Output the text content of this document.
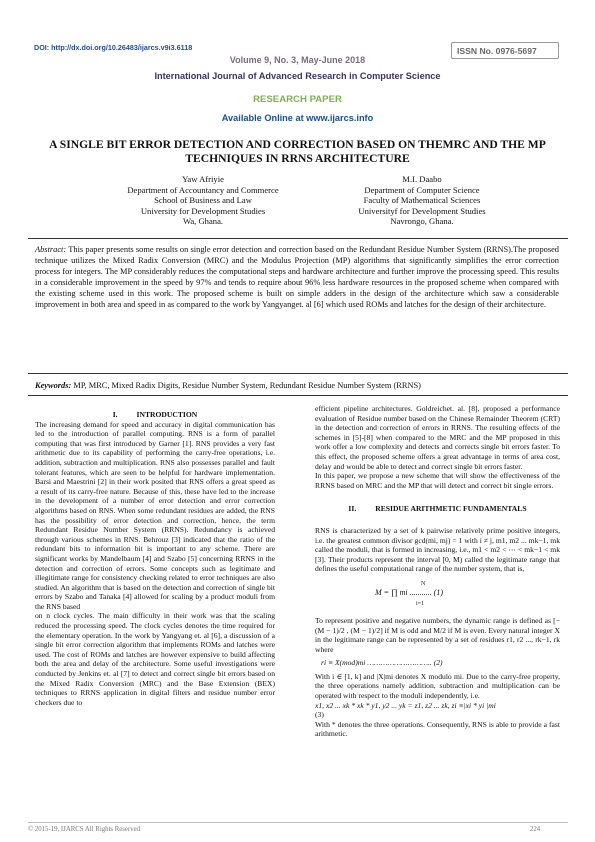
DOI: http://dx.doi.org/10.26483/ijarcs.v9i3.6118	ISSN No. 0976-5697
Volume 9, No. 3, May-June 2018
International Journal of Advanced Research in Computer Science
RESEARCH PAPER
Available Online at www.ijarcs.info
A SINGLE BIT ERROR DETECTION AND CORRECTION BASED ON THEMRC AND THE MP TECHNIQUES IN RRNS ARCHITECTURE
Yaw Afriyie
Department of Accountancy and Commerce
School of Business and Law
University for Development Studies
Wa, Ghana.
M.I. Daabo
Department of Computer Science
Faculty of Mathematical Sciences
Universityf for Development Studies
Navrongo, Ghana.
Abstract: This paper presents some results on single error detection and correction based on the Redundant Residue Number System (RRNS).The proposed technique utilizes the Mixed Radix Conversion (MRC) and the Modulus Projection (MP) algorithms that significantly simplifies the error correction process for integers. The MP considerably reduces the computational steps and hardware architecture and further improve the processing speed. This results in a considerable improvement in the speed by 97% and tends to require about 96% less hardware resources in the proposed scheme when compared with the existing scheme used in this work. The proposed scheme is built on simple adders in the design of the architecture which saw a considerable improvement in both area and speed in as compared to the work by Yangyanget. al [6] which used ROMs and latches for the design of their architecture.
Keywords: MP, MRC, Mixed Radix Digits, Residue Number System, Redundant Residue Number System (RRNS)

I.          INTRODUCTION

The increasing demand for speed and accuracy in digital communication has led to the introduction of parallel computing. RNS is a form of parallel computing that was first introduced by Garner [1]. RNS provides a very fast arithmetic due to its capability of performing the carry-free operations, i.e. addition, subtraction and multiplication. RNS also possesses parallel and fault tolerant features, which are seen to be helpful for hardware implementation. Barsi and Maestrini [2] in their work posited that RNS offers a great speed as a result of its carry-free nature. Because of this, these have led to the increase in the development of a number of error detection and error correction algorithms based on RNS. When some redundant residues are added, the RNS has the possibility of error detection and correction, hence, the term Redundant Residue Number System (RRNS). Redundancy is achieved through various schemes in RNS. Behrouz [3] indicated that the ratio of the redundant bits to information bit is important to any scheme. There are significant works by Mandelbaum [4] and Szabo [5] concerning RRNS in the detection and correction of errors. Some concepts such as legitimate and illegitimate range for consistency checking related to error techniques are also studied. An algorithm that is based on the detection and correction of single bit errors by Szabo and Tanaka [4] allowed for scaling by a product moduli from the RNS based

on n clock cycles. The main difficulty in their work was that the scaling reduced the processing speed. The clock cycles denotes the time required for the elementary operation. In the work by Yangyang et. al [6], a discussion of a single bit error correction algorithm that implements ROMs and latches were used. The cost of ROMs and latches are however expensive to build affecting both the area and delay of the architecture. Some useful investigations were conducted by Jenkins et. al [7] to detect and correct single bit errors based on the Mixed Radix Conversion (MRC) and the Base Extension (BEX) techniques to RRNS application in digital filters and residue number error checkers due to

efficient pipeline architectures. Goldreichet. al. [8], proposed a performance evaluation of Residue number based on the Chinese Remainder Theorem (CRT) in the detection and correction of errors in RRNS. The resulting effects of the schemes in [5]-[8] when compared to the MRC and the MP proposed in this work offer a low complexity and detects and corrects single bit errors faster. To this effect, the proposed scheme offers a great advantage in terms of area cost, delay and would be able to detect and correct single bit errors faster.

In this paper, we propose a new scheme that will show the effectiveness of the RRNS based on MRC and the MP that will detect and correct bit single errors.

II.          RESIDUE ARITHMETIC FUNDAMENTALS

RNS is characterized by a set of k pairwise relatively prime positive integers, i.e. the greatest common divisor gcd(mi, mj) = 1 with i ≠ j, m1, m2 ... mk−1, mk called the moduli, that is formed in increasing, i.e., m1 < m2 < ⋯ < mk−1 < mk [3]. Their products represent the interval [0, M) called the legitimate range that defines the useful computational range of the number system, that is,

N
M = ∏ mi ........... (1)
i=1

To represent positive and negative numbers, the dynamic range is defined as [−(M − 1)/2 , (M − 1)/2] if M is odd and M/2 if M is even. Every natural integer X in the legitimate range can be represented by a set of residues r1, r2 ..., rk−1, rk where

ri ≡ X(mod)mi ……………………….. (2)

With i ∈ [1, k] and |X|mi denotes X modulo mi. Due to the carry-free property, the three operations namely addition, subtraction and multiplication can be operated with respect to the moduli independently, i.e.

x1, x2 ... xk * xk * y1, y2 ... yk = z1, z2 ... zk, zi ≡|xi * yi |mi

(3)

With * denotes the three operations. Consequently, RNS is able to provide a fast arithmetic.

© 2015-19, IJARCS All Rights Reserved	224
